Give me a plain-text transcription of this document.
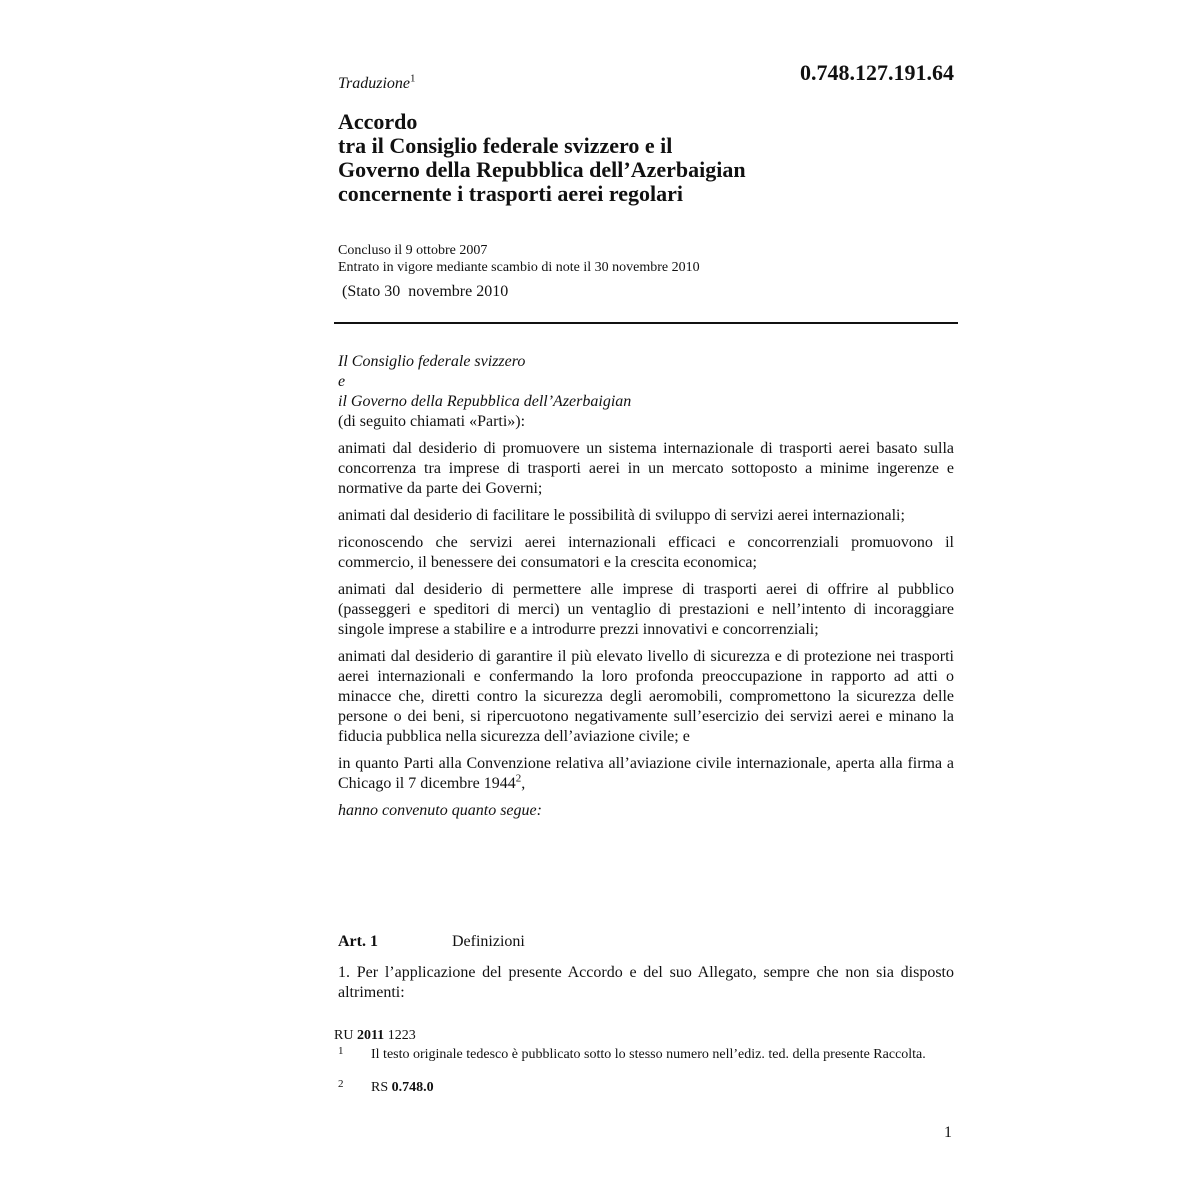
Traduzione$^1$	0.748.127.191.64
Accordo
tra il Consiglio federale svizzero e il
Governo della Repubblica dell’Azerbaigian
concernente i trasporti aerei regolari
Concluso il 9 ottobre 2007
Entrato in vigore mediante scambio di note il 30 novembre 2010
(Stato 30  novembre 2010

Il Consiglio federale svizzero

e

il Governo della Repubblica dell’Azerbaigian

(di seguito chiamati «Parti»):

animati dal desiderio di promuovere un sistema internazionale di trasporti aerei basato sulla concorrenza tra imprese di trasporti aerei in un mercato sottoposto a minime ingerenze e normative da parte dei Governi;

animati dal desiderio di facilitare le possibilità di sviluppo di servizi aerei internazionali;

riconoscendo che servizi aerei internazionali efficaci e concorrenziali promuovono il commercio, il benessere dei consumatori e la crescita economica;

animati dal desiderio di permettere alle imprese di trasporti aerei di offrire al pubblico (passeggeri e speditori di merci) un ventaglio di prestazioni e nell’intento di incoraggiare singole imprese a stabilire e a introdurre prezzi innovativi e concorrenziali;

animati dal desiderio di garantire il più elevato livello di sicurezza e di protezione nei trasporti aerei internazionali e confermando la loro profonda preoccupazione in rapporto ad atti o minacce che, diretti contro la sicurezza degli aeromobili, compromettono la sicurezza delle persone o dei beni, si ripercuotono negativamente sull’esercizio dei servizi aerei e minano la fiducia pubblica nella sicurezza dell’aviazione civile; e

in quanto Parti alla Convenzione relativa all’aviazione civile internazionale, aperta alla firma a Chicago il 7 dicembre 1944$^2$,

hanno convenuto quanto segue:

Art. 1	Definizioni
1. Per l’applicazione del presente Accordo e del suo Allegato, sempre che non sia disposto altrimenti:
RU 2011 1223
1 Il testo originale tedesco è pubblicato sotto lo stesso numero nell’ediz. ted. della presente Raccolta.
2 RS 0.748.0
1
